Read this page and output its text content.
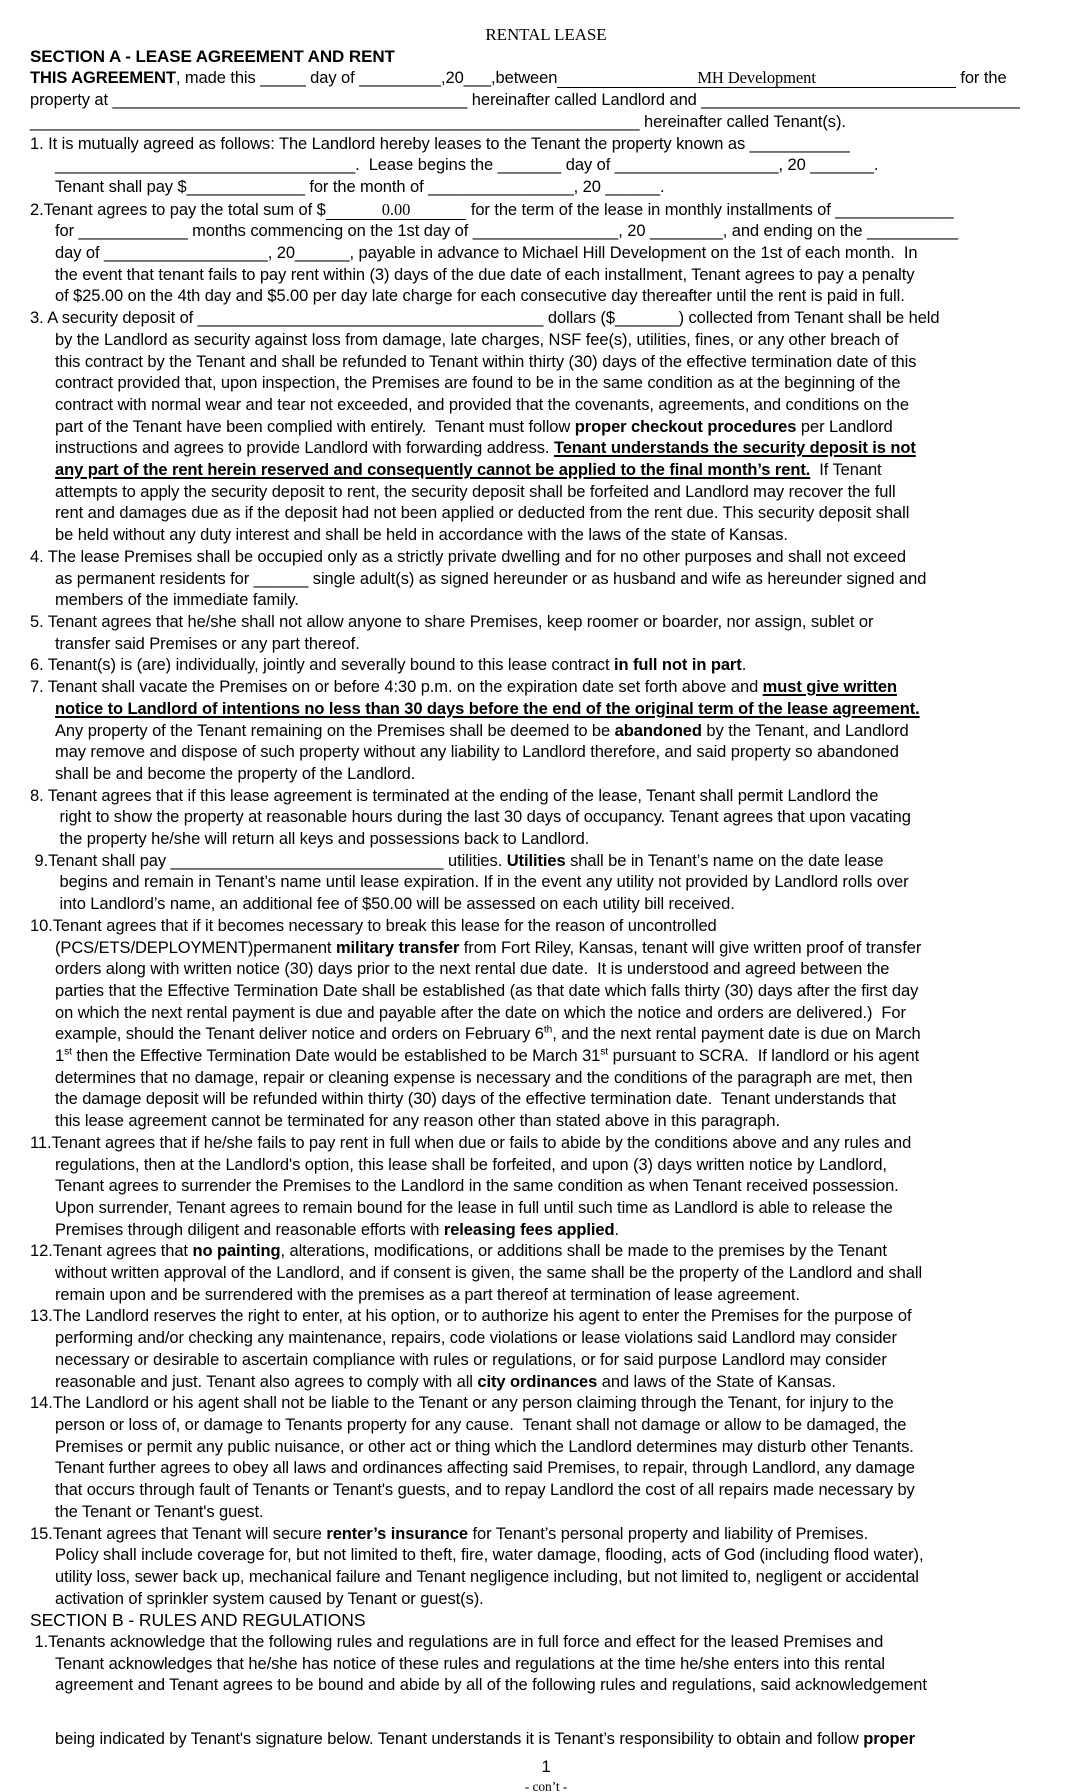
RENTAL LEASE
SECTION A - LEASE AGREEMENT AND RENT
THIS AGREEMENT, made this _____ day of _________,20___,between	MH Development	for the
property at _______________________________________ hereinafter called Landlord and ___________________________________
___________________________________________________________________ hereinafter called Tenant(s).
1. It is mutually agreed as follows: The Landlord hereby leases to the Tenant the property known as ___________
_________________________________.  Lease begins the _______ day of __________________, 20 _______.
Tenant shall pay $_____________ for the month of ________________, 20 ______.
2.Tenant agrees to pay the total sum of $	0.00	for the term of the lease in monthly installments of _____________
for ____________ months commencing on the 1st day of ________________, 20 ________, and ending on the __________
day of __________________, 20______, payable in advance to Michael Hill Development on the 1st of each month.  In
the event that tenant fails to pay rent within (3) days of the due date of each installment, Tenant agrees to pay a penalty
of $25.00 on the 4th day and $5.00 per day late charge for each consecutive day thereafter until the rent is paid in full.
3. A security deposit of ______________________________________ dollars ($_______) collected from Tenant shall be held
by the Landlord as security against loss from damage, late charges, NSF fee(s), utilities, fines, or any other breach of
this contract by the Tenant and shall be refunded to Tenant within thirty (30) days of the effective termination date of this
contract provided that, upon inspection, the Premises are found to be in the same condition as at the beginning of the
contract with normal wear and tear not exceeded, and provided that the covenants, agreements, and conditions on the
part of the Tenant have been complied with entirely.  Tenant must follow proper checkout procedures per Landlord
instructions and agrees to provide Landlord with forwarding address. Tenant understands the security deposit is not
any part of the rent herein reserved and consequently cannot be applied to the final month’s rent.  If Tenant
attempts to apply the security deposit to rent, the security deposit shall be forfeited and Landlord may recover the full
rent and damages due as if the deposit had not been applied or deducted from the rent due. This security deposit shall
be held without any duty interest and shall be held in accordance with the laws of the state of Kansas.
4. The lease Premises shall be occupied only as a strictly private dwelling and for no other purposes and shall not exceed
as permanent residents for ______ single adult(s) as signed hereunder or as husband and wife as hereunder signed and
members of the immediate family.
5. Tenant agrees that he/she shall not allow anyone to share Premises, keep roomer or boarder, nor assign, sublet or
transfer said Premises or any part thereof.
6. Tenant(s) is (are) individually, jointly and severally bound to this lease contract in full not in part.
7. Tenant shall vacate the Premises on or before 4:30 p.m. on the expiration date set forth above and must give written
notice to Landlord of intentions no less than 30 days before the end of the original term of the lease agreement.
Any property of the Tenant remaining on the Premises shall be deemed to be abandoned by the Tenant, and Landlord
may remove and dispose of such property without any liability to Landlord therefore, and said property so abandoned
shall be and become the property of the Landlord.
8. Tenant agrees that if this lease agreement is terminated at the ending of the lease, Tenant shall permit Landlord the
right to show the property at reasonable hours during the last 30 days of occupancy. Tenant agrees that upon vacating
the property he/she will return all keys and possessions back to Landlord.
9.Tenant shall pay ______________________________ utilities. Utilities shall be in Tenant’s name on the date lease
begins and remain in Tenant’s name until lease expiration. If in the event any utility not provided by Landlord rolls over
into Landlord’s name, an additional fee of $50.00 will be assessed on each utility bill received.
10.Tenant agrees that if it becomes necessary to break this lease for the reason of uncontrolled
(PCS/ETS/DEPLOYMENT)permanent military transfer from Fort Riley, Kansas, tenant will give written proof of transfer
orders along with written notice (30) days prior to the next rental due date.  It is understood and agreed between the
parties that the Effective Termination Date shall be established (as that date which falls thirty (30) days after the first day
on which the next rental payment is due and payable after the date on which the notice and orders are delivered.)  For
example, should the Tenant deliver notice and orders on February 6th, and the next rental payment date is due on March
1st then the Effective Termination Date would be established to be March 31st pursuant to SCRA.  If landlord or his agent
determines that no damage, repair or cleaning expense is necessary and the conditions of the paragraph are met, then
the damage deposit will be refunded within thirty (30) days of the effective termination date.  Tenant understands that
this lease agreement cannot be terminated for any reason other than stated above in this paragraph.
11.Tenant agrees that if he/she fails to pay rent in full when due or fails to abide by the conditions above and any rules and
regulations, then at the Landlord's option, this lease shall be forfeited, and upon (3) days written notice by Landlord,
Tenant agrees to surrender the Premises to the Landlord in the same condition as when Tenant received possession.
Upon surrender, Tenant agrees to remain bound for the lease in full until such time as Landlord is able to release the
Premises through diligent and reasonable efforts with releasing fees applied.
12.Tenant agrees that no painting, alterations, modifications, or additions shall be made to the premises by the Tenant
without written approval of the Landlord, and if consent is given, the same shall be the property of the Landlord and shall
remain upon and be surrendered with the premises as a part thereof at termination of lease agreement.
13.The Landlord reserves the right to enter, at his option, or to authorize his agent to enter the Premises for the purpose of
performing and/or checking any maintenance, repairs, code violations or lease violations said Landlord may consider
necessary or desirable to ascertain compliance with rules or regulations, or for said purpose Landlord may consider
reasonable and just. Tenant also agrees to comply with all city ordinances and laws of the State of Kansas.
14.The Landlord or his agent shall not be liable to the Tenant or any person claiming through the Tenant, for injury to the
person or loss of, or damage to Tenants property for any cause.  Tenant shall not damage or allow to be damaged, the
Premises or permit any public nuisance, or other act or thing which the Landlord determines may disturb other Tenants.
Tenant further agrees to obey all laws and ordinances affecting said Premises, to repair, through Landlord, any damage
that occurs through fault of Tenants or Tenant's guests, and to repay Landlord the cost of all repairs made necessary by
the Tenant or Tenant's guest.
15.Tenant agrees that Tenant will secure renter’s insurance for Tenant’s personal property and liability of Premises.
Policy shall include coverage for, but not limited to theft, fire, water damage, flooding, acts of God (including flood water),
utility loss, sewer back up, mechanical failure and Tenant negligence including, but not limited to, negligent or accidental
activation of sprinkler system caused by Tenant or guest(s).
SECTION B - RULES AND REGULATIONS
1.Tenants acknowledge that the following rules and regulations are in full force and effect for the leased Premises and
Tenant acknowledges that he/she has notice of these rules and regulations at the time he/she enters into this rental
agreement and Tenant agrees to be bound and abide by all of the following rules and regulations, said acknowledgement
being indicated by Tenant's signature below. Tenant understands it is Tenant’s responsibility to obtain and follow proper
1
- con’t -
